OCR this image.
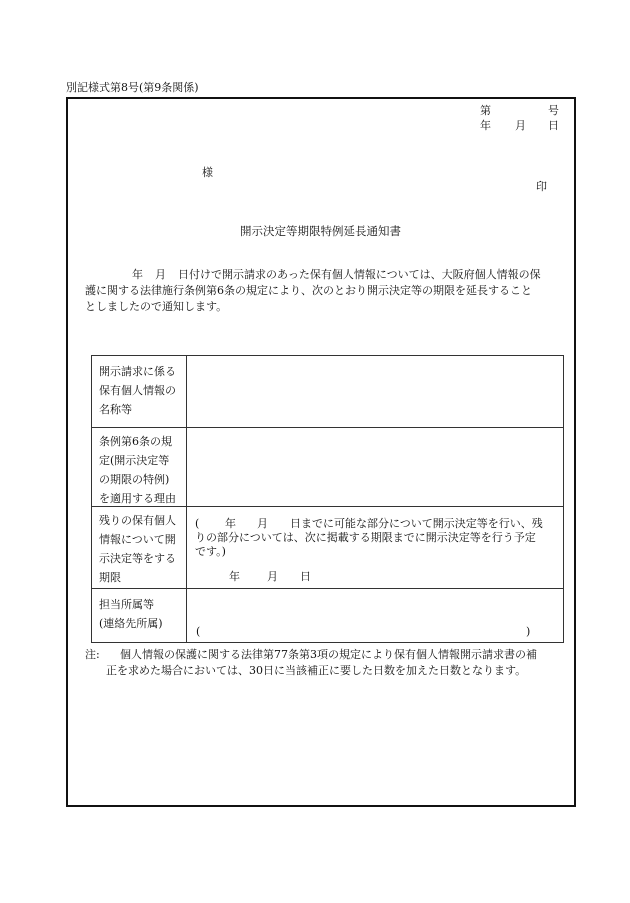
別記様式第8号(第9条関係)
第	号
年 月 日
様
印
開示決定等期限特例延長通知書
年 月 日付けで開示請求のあった保有個人情報については、大阪府個人情報の保
護に関する法律施行条例第6条の規定により、次のとおり開示決定等の期限を延長すること
としましたので通知します。
開示請求に係る
保有個人情報の
名称等
条例第6条の規
定(開示決定等
の期限の特例)
を適用する理由
残りの保有個人
情報について開
示決定等をする
期限
担当所属等
(連絡先所属)
( 年 月 日までに可能な部分について開示決定等を行い、残
りの部分については、次に掲載する期限までに開示決定等を行う予定
です。)
年 月 日
(	)
注: 個人情報の保護に関する法律第77条第3項の規定により保有個人情報開示請求書の補
正を求めた場合においては、30日に当該補正に要した日数を加えた日数となります。
